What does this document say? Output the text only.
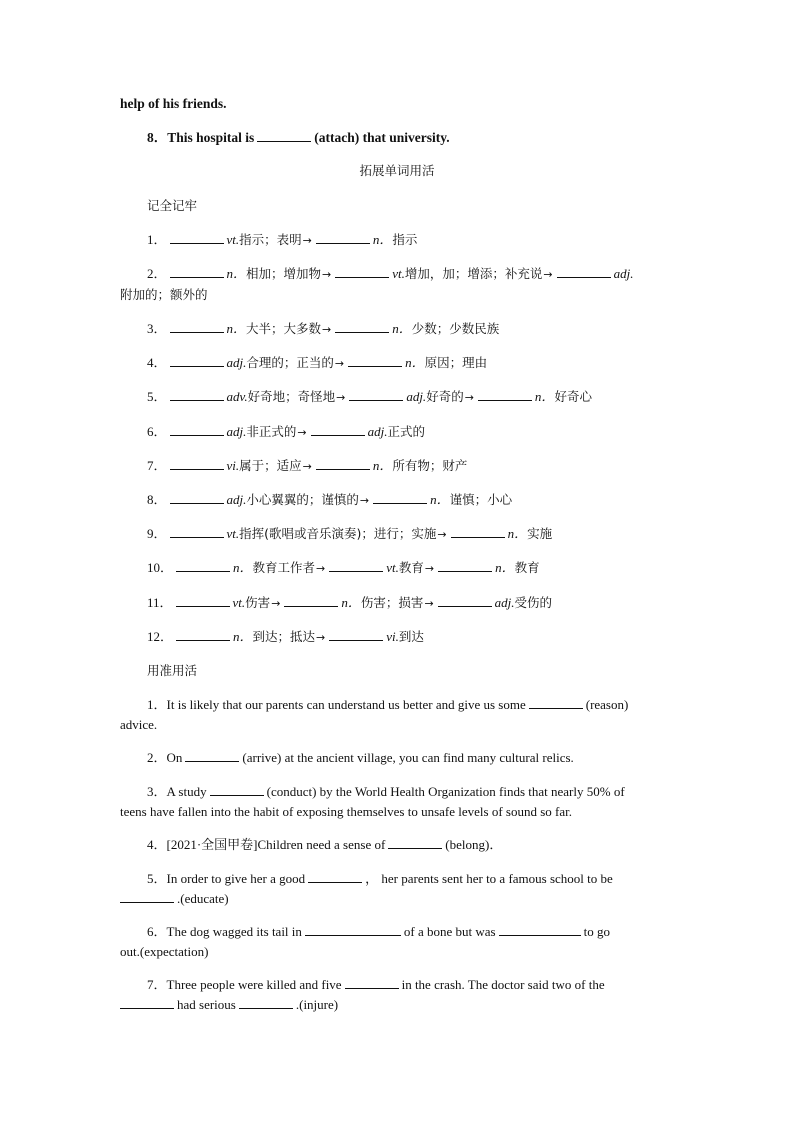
help of his friends.
8．This hospital is	(attach) that university.
拓展单词用活
记全记牢
1．	vt.指示；表明→	n．指示
2．	n．相加；增加物→	vt.增加，加；增添；补充说→	adj.
附加的；额外的
3．	n．大半；大多数→	n．少数；少数民族
4．	adj.合理的；正当的→	n．原因；理由
5．	adv.好奇地；奇怪地→	adj.好奇的→	n．好奇心
6．	adj.非正式的→	adj.正式的
7．	vi.属于；适应→	n．所有物；财产
8．	adj.小心翼翼的；谨慎的→	n．谨慎；小心
9．	vt.指挥(歌唱或音乐演奏)；进行；实施→	n．实施
10．	n．教育工作者→	vt.教育→	n．教育
11．	vt.伤害→	n．伤害；损害→	adj.受伤的
12．	n．到达；抵达→	vi.到达
用准用活
1．It is likely that our parents can understand us better and give us some	(reason)
advice.
2．On	(arrive) at the ancient village, you can find many cultural relics.
3．A study	(conduct) by the World Health Organization finds that nearly 50% of
teens have fallen into the habit of exposing themselves to unsafe levels of sound so far.
4．[2021·全国甲卷]Children need a sense of	(belong)．
5．In order to give her a good	， her parents sent her to a famous school to be
.(educate)
6．The dog wagged its tail in	of a bone but was	to go
out.(expectation)
7．Three people were killed and five	in the crash. The doctor said two of the
had serious	.(injure)
